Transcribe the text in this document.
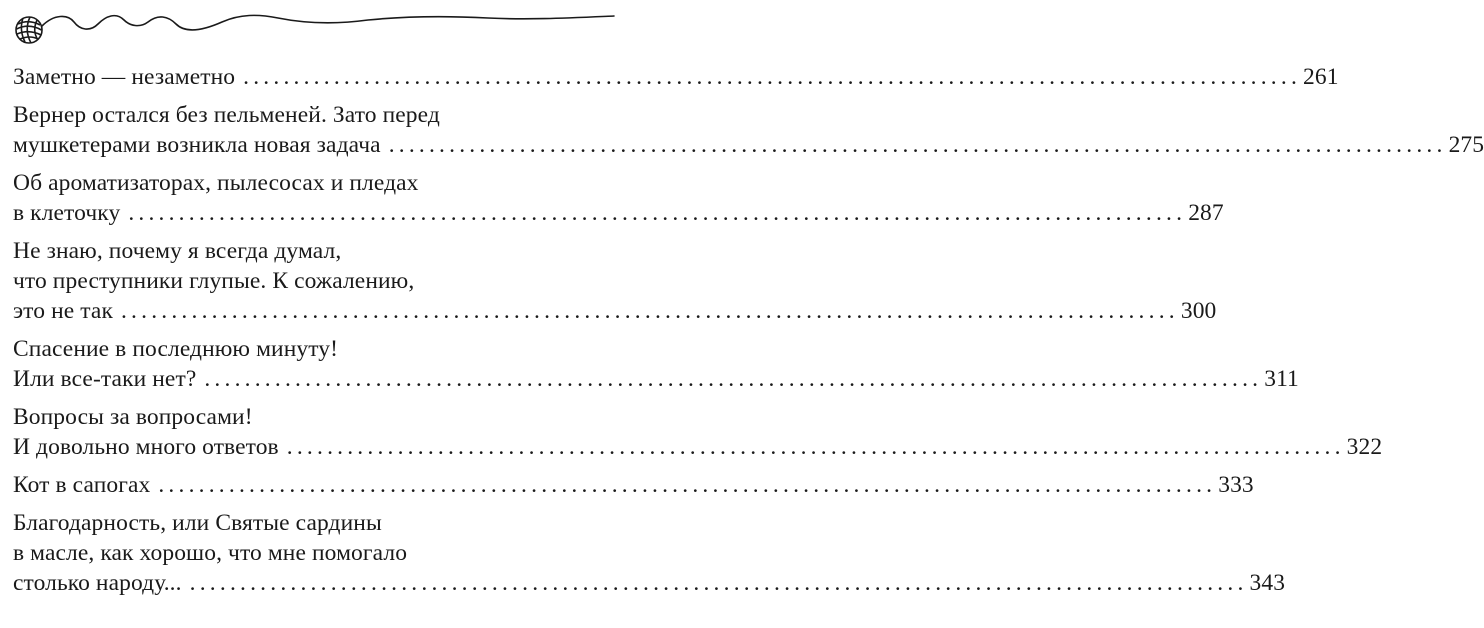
Заметно — незаметно ......................................................................................................... 261
Вернер остался без пельменей. Зато перед
мушкетерами возникла новая задача ......................................................................................................... 275
Об ароматизаторах, пылесосах и пледах
в клеточку ......................................................................................................... 287
Не знаю, почему я всегда думал,
что преступники глупые. К сожалению,
это не так ......................................................................................................... 300
Спасение в последнюю минуту!
Или все-таки нет? ......................................................................................................... 311
Вопросы за вопросами!
И довольно много ответов ......................................................................................................... 322
Кот в сапогах ......................................................................................................... 333
Благодарность, или Святые сардины
в масле, как хорошо, что мне помогало
столько народу... ......................................................................................................... 343
